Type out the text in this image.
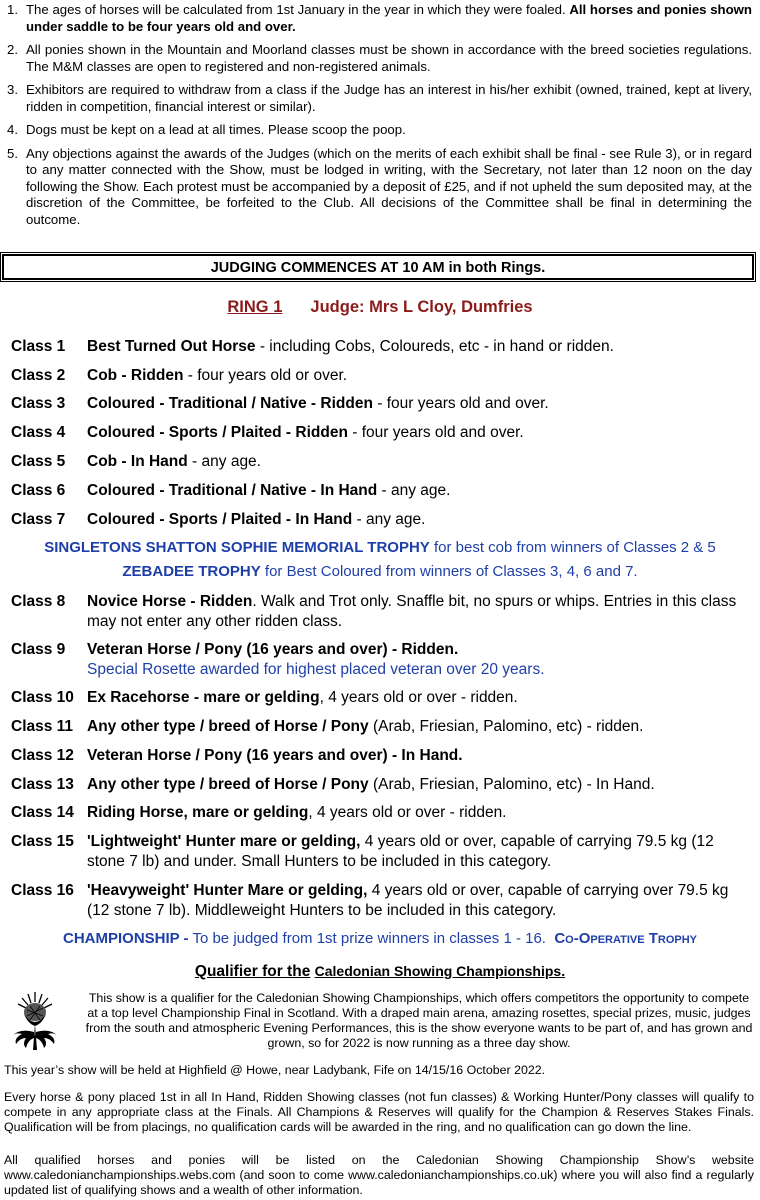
1. The ages of horses will be calculated from 1st January in the year in which they were foaled. All horses and ponies shown under saddle to be four years old and over.
2. All ponies shown in the Mountain and Moorland classes must be shown in accordance with the breed societies regulations. The M&M classes are open to registered and non-registered animals.
3. Exhibitors are required to withdraw from a class if the Judge has an interest in his/her exhibit (owned, trained, kept at livery, ridden in competition, financial interest or similar).
4. Dogs must be kept on a lead at all times. Please scoop the poop.
5. Any objections against the awards of the Judges (which on the merits of each exhibit shall be final - see Rule 3), or in regard to any matter connected with the Show, must be lodged in writing, with the Secretary, not later than 12 noon on the day following the Show. Each protest must be accompanied by a deposit of £25, and if not upheld the sum deposited may, at the discretion of the Committee, be forfeited to the Club. All decisions of the Committee shall be final in determining the outcome.
JUDGING COMMENCES AT 10 AM in both Rings.
RING 1 Judge: Mrs L Cloy, Dumfries
Class 1	Best Turned Out Horse - including Cobs, Coloureds, etc - in hand or ridden.
Class 2	Cob - Ridden - four years old or over.
Class 3	Coloured - Traditional / Native - Ridden - four years old and over.
Class 4	Coloured - Sports / Plaited - Ridden - four years old and over.
Class 5	Cob - In Hand - any age.
Class 6	Coloured - Traditional / Native - In Hand - any age.
Class 7	Coloured - Sports / Plaited - In Hand - any age.
SINGLETONS SHATTON SOPHIE MEMORIAL TROPHY for best cob from winners of Classes 2 & 5
ZEBADEE TROPHY for Best Coloured from winners of Classes 3, 4, 6 and 7.
Class 8	Novice Horse - Ridden. Walk and Trot only. Snaffle bit, no spurs or whips. Entries in this class may not enter any other ridden class.
Class 9	Veteran Horse / Pony (16 years and over) - Ridden.
Special Rosette awarded for highest placed veteran over 20 years.
Class 10 Ex Racehorse - mare or gelding, 4 years old or over - ridden.
Class 11 Any other type / breed of Horse / Pony (Arab, Friesian, Palomino, etc) - ridden.
Class 12 Veteran Horse / Pony (16 years and over) - In Hand.
Class 13 Any other type / breed of Horse / Pony (Arab, Friesian, Palomino, etc) - In Hand.
Class 14 Riding Horse, mare or gelding, 4 years old or over - ridden.
Class 15 'Lightweight' Hunter mare or gelding, 4 years old or over, capable of carrying 79.5 kg (12 stone 7 lb) and under. Small Hunters to be included in this category.
Class 16 'Heavyweight' Hunter Mare or gelding, 4 years old or over, capable of carrying over 79.5 kg (12 stone 7 lb). Middleweight Hunters to be included in this category.
CHAMPIONSHIP - To be judged from 1st prize winners in classes 1 - 16. Co-Operative Trophy
Qualifier for the Caledonian Showing Championships.
This show is a qualifier for the Caledonian Showing Championships, which offers competitors the opportunity to compete at a top level Championship Final in Scotland. With a draped main arena, amazing rosettes, special prizes, music, judges from the south and atmospheric Evening Performances, this is the show everyone wants to be part of, and has grown and grown, so for 2022 is now running as a three day show.
This year’s show will be held at Highfield @ Howe, near Ladybank, Fife on 14/15/16 October 2022.
Every horse & pony placed 1st in all In Hand, Ridden Showing classes (not fun classes) & Working Hunter/Pony classes will qualify to compete in any appropriate class at the Finals. All Champions & Reserves will qualify for the Champion & Reserves Stakes Finals. Qualification will be from placings, no qualification cards will be awarded in the ring, and no qualification can go down the line.
All qualified horses and ponies will be listed on the Caledonian Showing Championship Show’s website www.caledonianchampionships.webs.com (and soon to come www.caledonianchampionships.co.uk) where you will also find a regularly updated list of qualifying shows and a wealth of other information.
